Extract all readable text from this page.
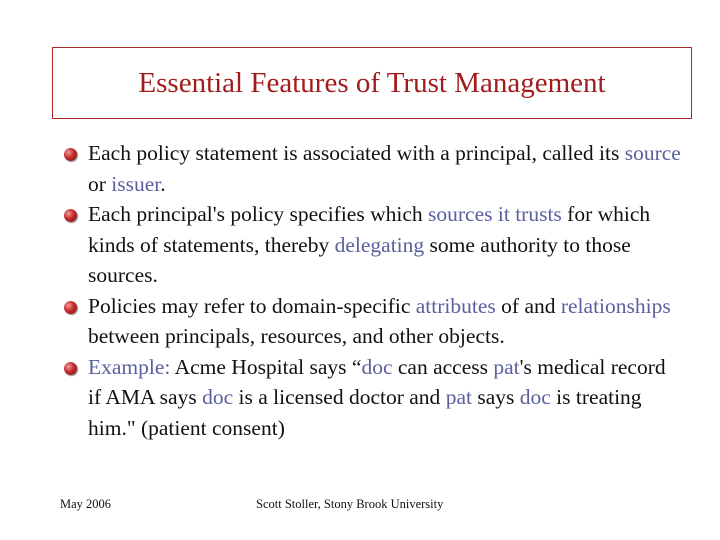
Essential Features of Trust Management
Each policy statement is associated with a principal, called its source or issuer.
Each principal's policy specifies which sources it trusts for which kinds of statements, thereby delegating some authority to those sources.
Policies may refer to domain-specific attributes of and relationships between principals, resources, and other objects.
Example: Acme Hospital says “doc can access pat's medical record if AMA says doc is a licensed doctor and pat says doc is treating him." (patient consent)
May 2006	Scott Stoller, Stony Brook University
